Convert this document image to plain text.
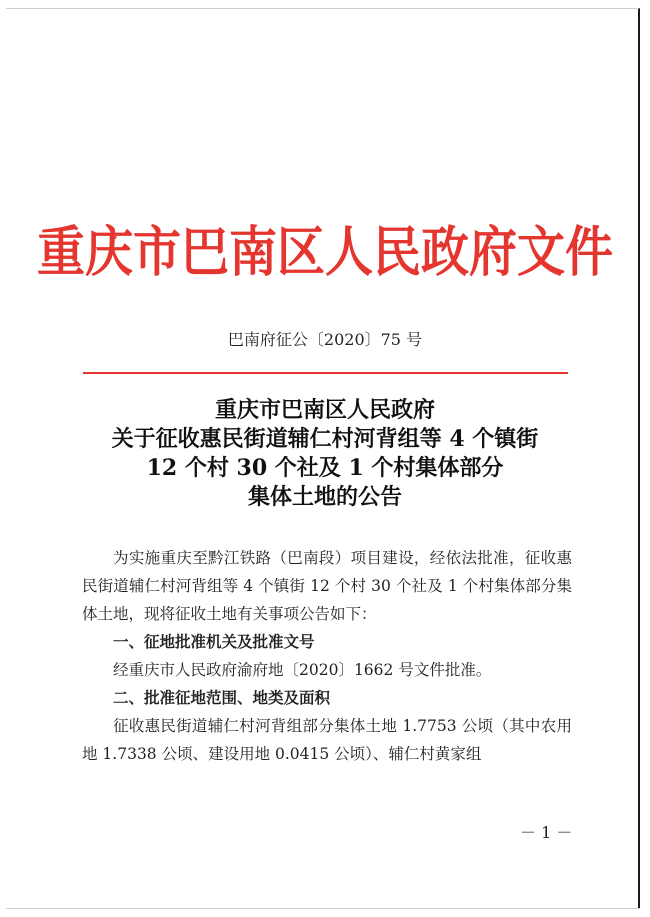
重庆市巴南区人民政府文件
巴南府征公〔2020〕75 号
重庆市巴南区人民政府
关于征收惠民街道辅仁村河背组等 4 个镇街
12 个村 30 个社及 1 个村集体部分
集体土地的公告

为实施重庆至黔江铁路（巴南段）项目建设，经依法批准，征收惠民街道辅仁村河背组等 4 个镇街 12 个村 30 个社及 1 个村集体部分集体土地，现将征收土地有关事项公告如下：

一、征地批准机关及批准文号

经重庆市人民政府渝府地〔2020〕1662 号文件批准。

二、批准征地范围、地类及面积

征收惠民街道辅仁村河背组部分集体土地 1.7753 公顷（其中农用地 1.7338 公顷、建设用地 0.0415 公顷）、辅仁村黄家组

－ 1 －
